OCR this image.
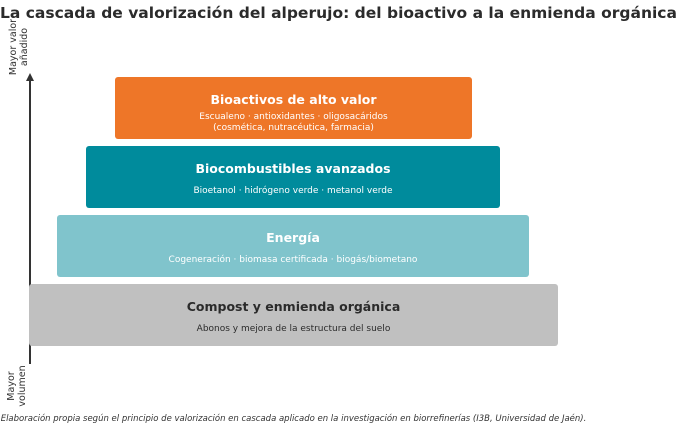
La cascada de valorización del alperujo: del bioactivo a la enmienda orgánica
Mayor valor
añadido
Mayor
volumen
Bioactivos de alto valor
Escualeno · antioxidantes · oligosacáridos
(cosmética, nutracéutica, farmacia)
Biocombustibles avanzados
Bioetanol · hidrógeno verde · metanol verde
Energía
Cogeneración · biomasa certificada · biogás/biometano
Compost y enmienda orgánica
Abonos y mejora de la estructura del suelo
Elaboración propia según el principio de valorización en cascada aplicado en la investigación en biorrefinerías (I3B, Universidad de Jaén).
